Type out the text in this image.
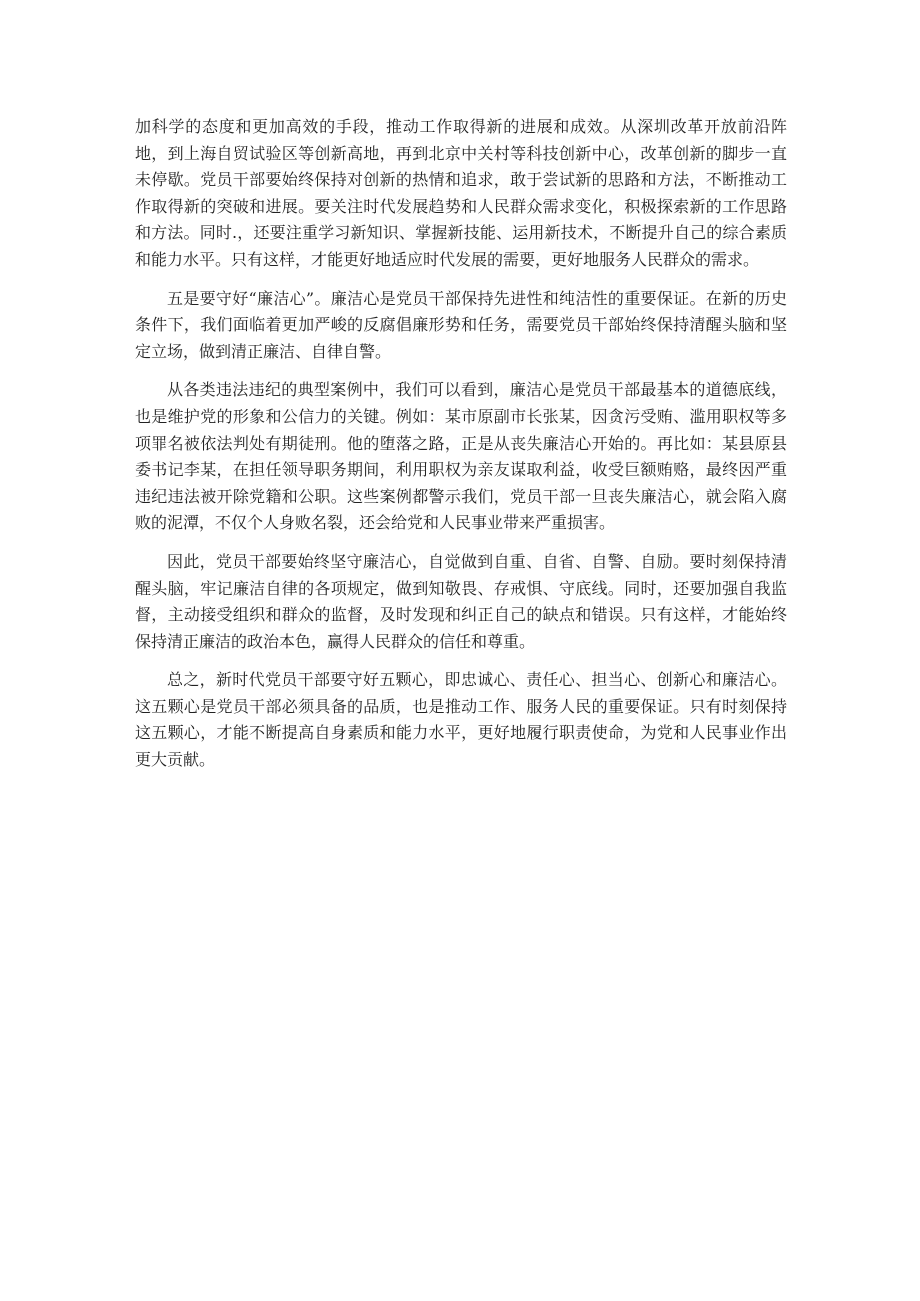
加科学的态度和更加高效的手段，推动工作取得新的进展和成效。从深圳改革开放前沿阵地，到上海自贸试验区等创新高地，再到北京中关村等科技创新中心，改革创新的脚步一直未停歇。党员干部要始终保持对创新的热情和追求，敢于尝试新的思路和方法，不断推动工作取得新的突破和进展。要关注时代发展趋势和人民群众需求变化，积极探索新的工作思路和方法。同时.，还要注重学习新知识、掌握新技能、运用新技术，不断提升自己的综合素质和能力水平。只有这样，才能更好地适应时代发展的需要，更好地服务人民群众的需求。

五是要守好“廉洁心”。廉洁心是党员干部保持先进性和纯洁性的重要保证。在新的历史条件下，我们面临着更加严峻的反腐倡廉形势和任务，需要党员干部始终保持清醒头脑和坚定立场，做到清正廉洁、自律自警。

从各类违法违纪的典型案例中，我们可以看到，廉洁心是党员干部最基本的道德底线，也是维护党的形象和公信力的关键。例如：某市原副市长张某，因贪污受贿、滥用职权等多项罪名被依法判处有期徒刑。他的堕落之路，正是从丧失廉洁心开始的。再比如：某县原县委书记李某，在担任领导职务期间，利用职权为亲友谋取利益，收受巨额贿赂，最终因严重违纪违法被开除党籍和公职。这些案例都警示我们，党员干部一旦丧失廉洁心，就会陷入腐败的泥潭，不仅个人身败名裂，还会给党和人民事业带来严重损害。

因此，党员干部要始终坚守廉洁心，自觉做到自重、自省、自警、自励。要时刻保持清醒头脑，牢记廉洁自律的各项规定，做到知敬畏、存戒惧、守底线。同时，还要加强自我监督，主动接受组织和群众的监督，及时发现和纠正自己的缺点和错误。只有这样，才能始终保持清正廉洁的政治本色，赢得人民群众的信任和尊重。

总之，新时代党员干部要守好五颗心，即忠诚心、责任心、担当心、创新心和廉洁心。这五颗心是党员干部必须具备的品质，也是推动工作、服务人民的重要保证。只有时刻保持这五颗心，才能不断提高自身素质和能力水平，更好地履行职责使命，为党和人民事业作出更大贡献。
